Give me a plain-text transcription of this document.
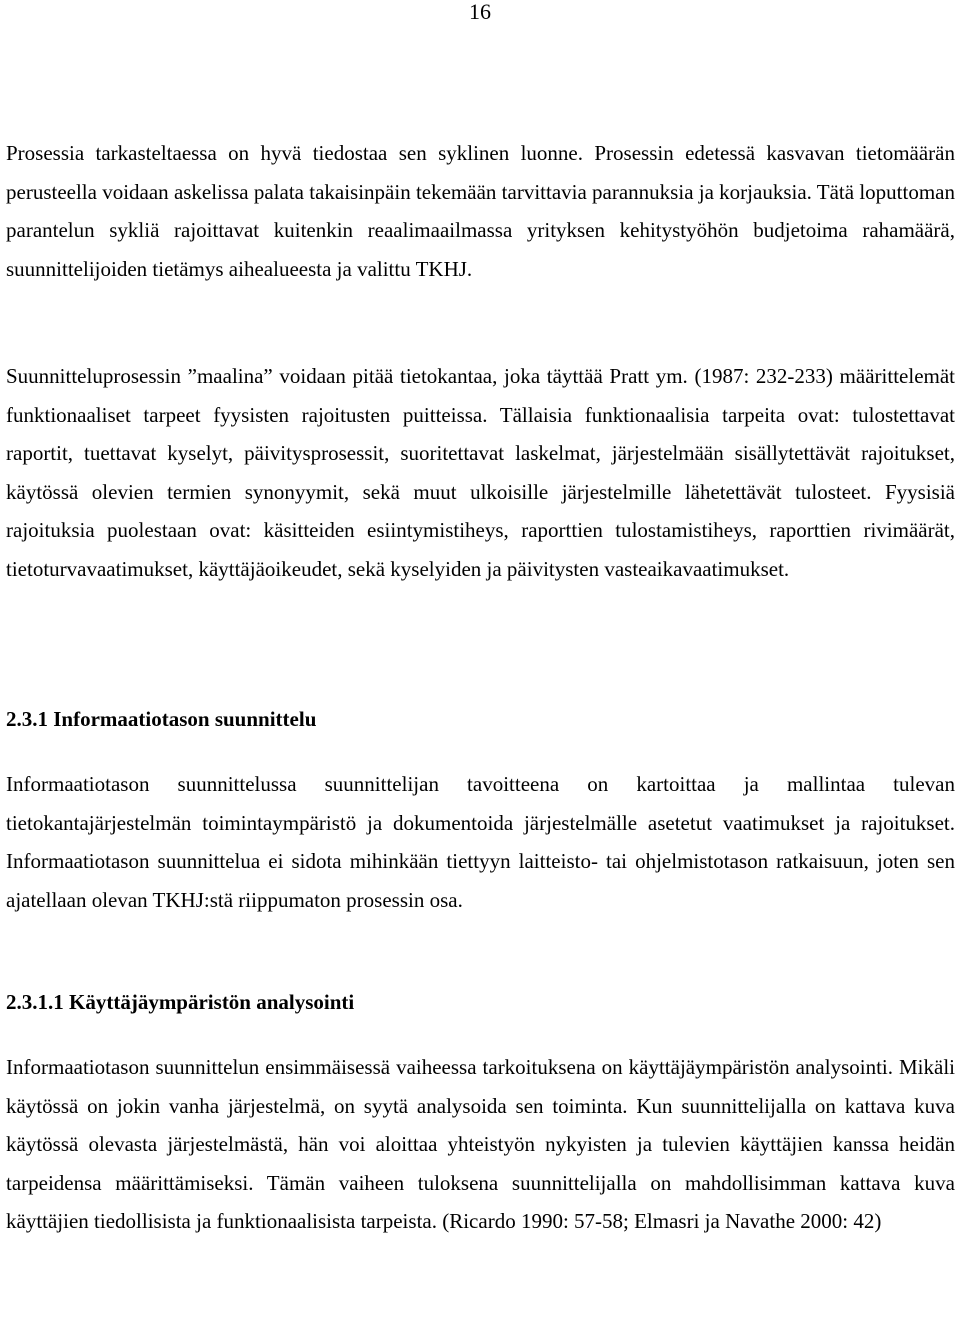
16

Prosessia tarkasteltaessa on hyvä tiedostaa sen syklinen luonne. Prosessin edetessä kasvavan tietomäärän perusteella voidaan askelissa palata takaisinpäin tekemään tarvittavia parannuksia ja korjauksia. Tätä loputtoman parantelun sykliä rajoittavat kuitenkin reaalimaailmassa yrityksen kehitystyöhön budjetoima rahamäärä, suunnittelijoiden tietämys aihealueesta ja valittu TKHJ.

Suunnitteluprosessin ”maalina” voidaan pitää tietokantaa, joka täyttää Pratt ym. (1987: 232-233) määrittelemät funktionaaliset tarpeet fyysisten rajoitusten puitteissa. Tällaisia funktionaalisia tarpeita ovat: tulostettavat raportit, tuettavat kyselyt, päivitysprosessit, suoritettavat laskelmat, järjestelmään sisällytettävät rajoitukset, käytössä olevien termien synonyymit, sekä muut ulkoisille järjestelmille lähetettävät tulosteet. Fyysisiä rajoituksia puolestaan ovat: käsitteiden esiintymistiheys, raporttien tulostamistiheys, raporttien rivimäärät, tietoturvavaatimukset, käyttäjäoikeudet, sekä kyselyiden ja päivitysten vasteaikavaatimukset.

2.3.1 Informaatiotason suunnittelu

Informaatiotason suunnittelussa suunnittelijan tavoitteena on kartoittaa ja mallintaa tulevan tietokantajärjestelmän toimintaympäristö ja dokumentoida järjestelmälle asetetut vaatimukset ja rajoitukset. Informaatiotason suunnittelua ei sidota mihinkään tiettyyn laitteisto- tai ohjelmistotason ratkaisuun, joten sen ajatellaan olevan TKHJ:stä riippumaton prosessin osa.

2.3.1.1 Käyttäjäympäristön analysointi

Informaatiotason suunnittelun ensimmäisessä vaiheessa tarkoituksena on käyttäjäympäristön analysointi. Mikäli käytössä on jokin vanha järjestelmä, on syytä analysoida sen toiminta. Kun suunnittelijalla on kattava kuva käytössä olevasta järjestelmästä, hän voi aloittaa yhteistyön nykyisten ja tulevien käyttäjien kanssa heidän tarpeidensa määrittämiseksi. Tämän vaiheen tuloksena suunnittelijalla on mahdollisimman kattava kuva käyttäjien tiedollisista ja funktionaalisista tarpeista. (Ricardo 1990: 57-58; Elmasri ja Navathe 2000: 42)
